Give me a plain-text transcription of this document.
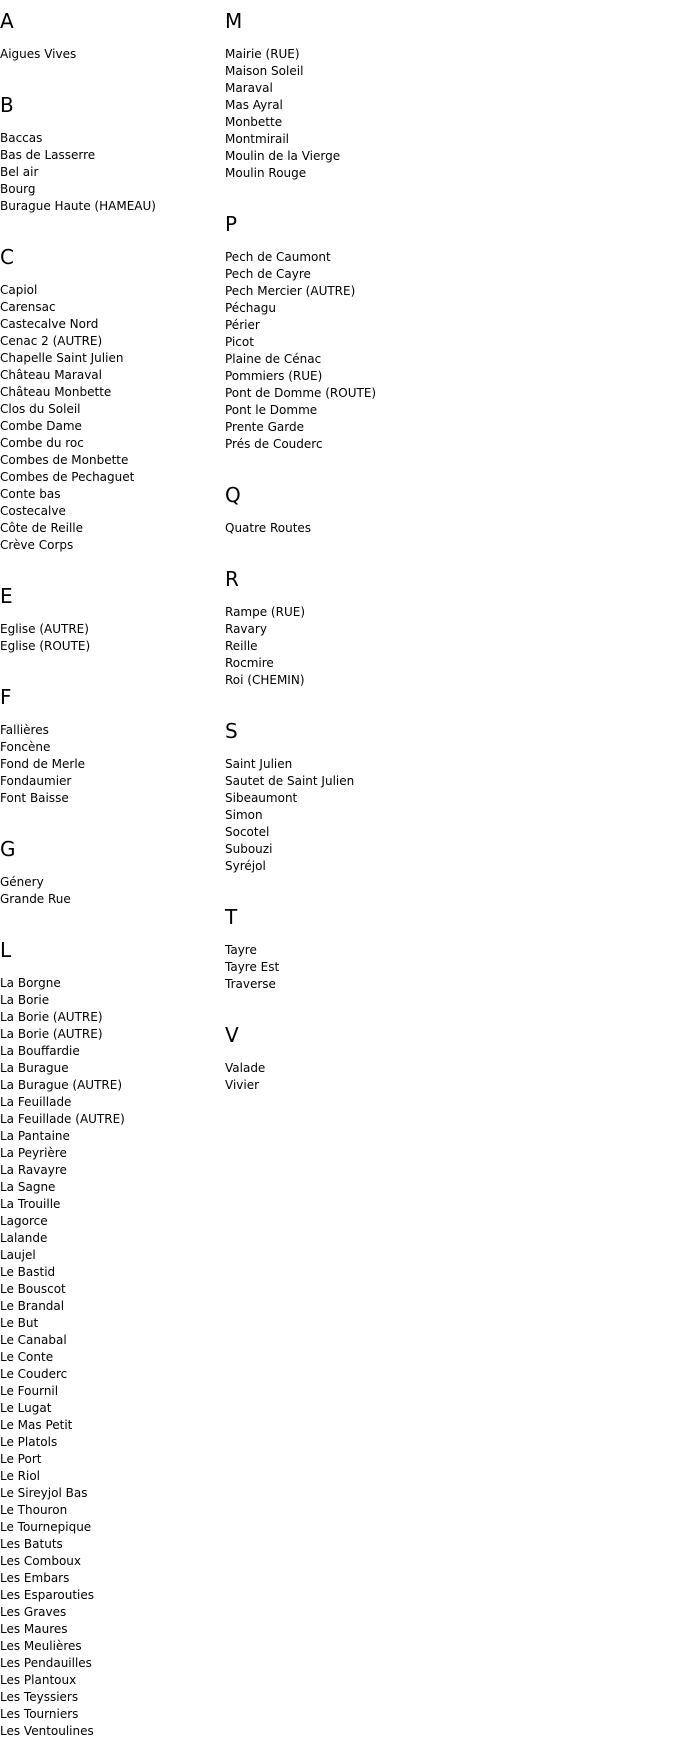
A
Aigues Vives
B
Baccas
Bas de Lasserre
Bel air
Bourg
Burague Haute (HAMEAU)
C
Capiol
Carensac
Castecalve Nord
Cenac 2 (AUTRE)
Chapelle Saint Julien
Château Maraval
Château Monbette
Clos du Soleil
Combe Dame
Combe du roc
Combes de Monbette
Combes de Pechaguet
Conte bas
Costecalve
Côte de Reille
Crève Corps
E
Eglise (AUTRE)
Eglise (ROUTE)
F
Fallières
Foncène
Fond de Merle
Fondaumier
Font Baisse
G
Génery
Grande Rue
L
La Borgne
La Borie
La Borie (AUTRE)
La Borie (AUTRE)
La Bouffardie
La Burague
La Burague (AUTRE)
La Feuillade
La Feuillade (AUTRE)
La Pantaine
La Peyrière
La Ravayre
La Sagne
La Trouille
Lagorce
Lalande
Laujel
Le Bastid
Le Bouscot
Le Brandal
Le But
Le Canabal
Le Conte
Le Couderc
Le Fournil
Le Lugat
Le Mas Petit
Le Platols
Le Port
Le Riol
Le Sireyjol Bas
Le Thouron
Le Tournepique
Les Batuts
Les Comboux
Les Embars
Les Esparouties
Les Graves
Les Maures
Les Meulières
Les Pendauilles
Les Plantoux
Les Teyssiers
Les Tourniers
Les Ventoulines
M
Mairie (RUE)
Maison Soleil
Maraval
Mas Ayral
Monbette
Montmirail
Moulin de la Vierge
Moulin Rouge
P
Pech de Caumont
Pech de Cayre
Pech Mercier (AUTRE)
Péchagu
Périer
Picot
Plaine de Cénac
Pommiers (RUE)
Pont de Domme (ROUTE)
Pont le Domme
Prente Garde
Prés de Couderc
Q
Quatre Routes
R
Rampe (RUE)
Ravary
Reille
Rocmire
Roi (CHEMIN)
S
Saint Julien
Sautet de Saint Julien
Sibeaumont
Simon
Socotel
Subouzi
Syréjol
T
Tayre
Tayre Est
Traverse
V
Valade
Vivier
